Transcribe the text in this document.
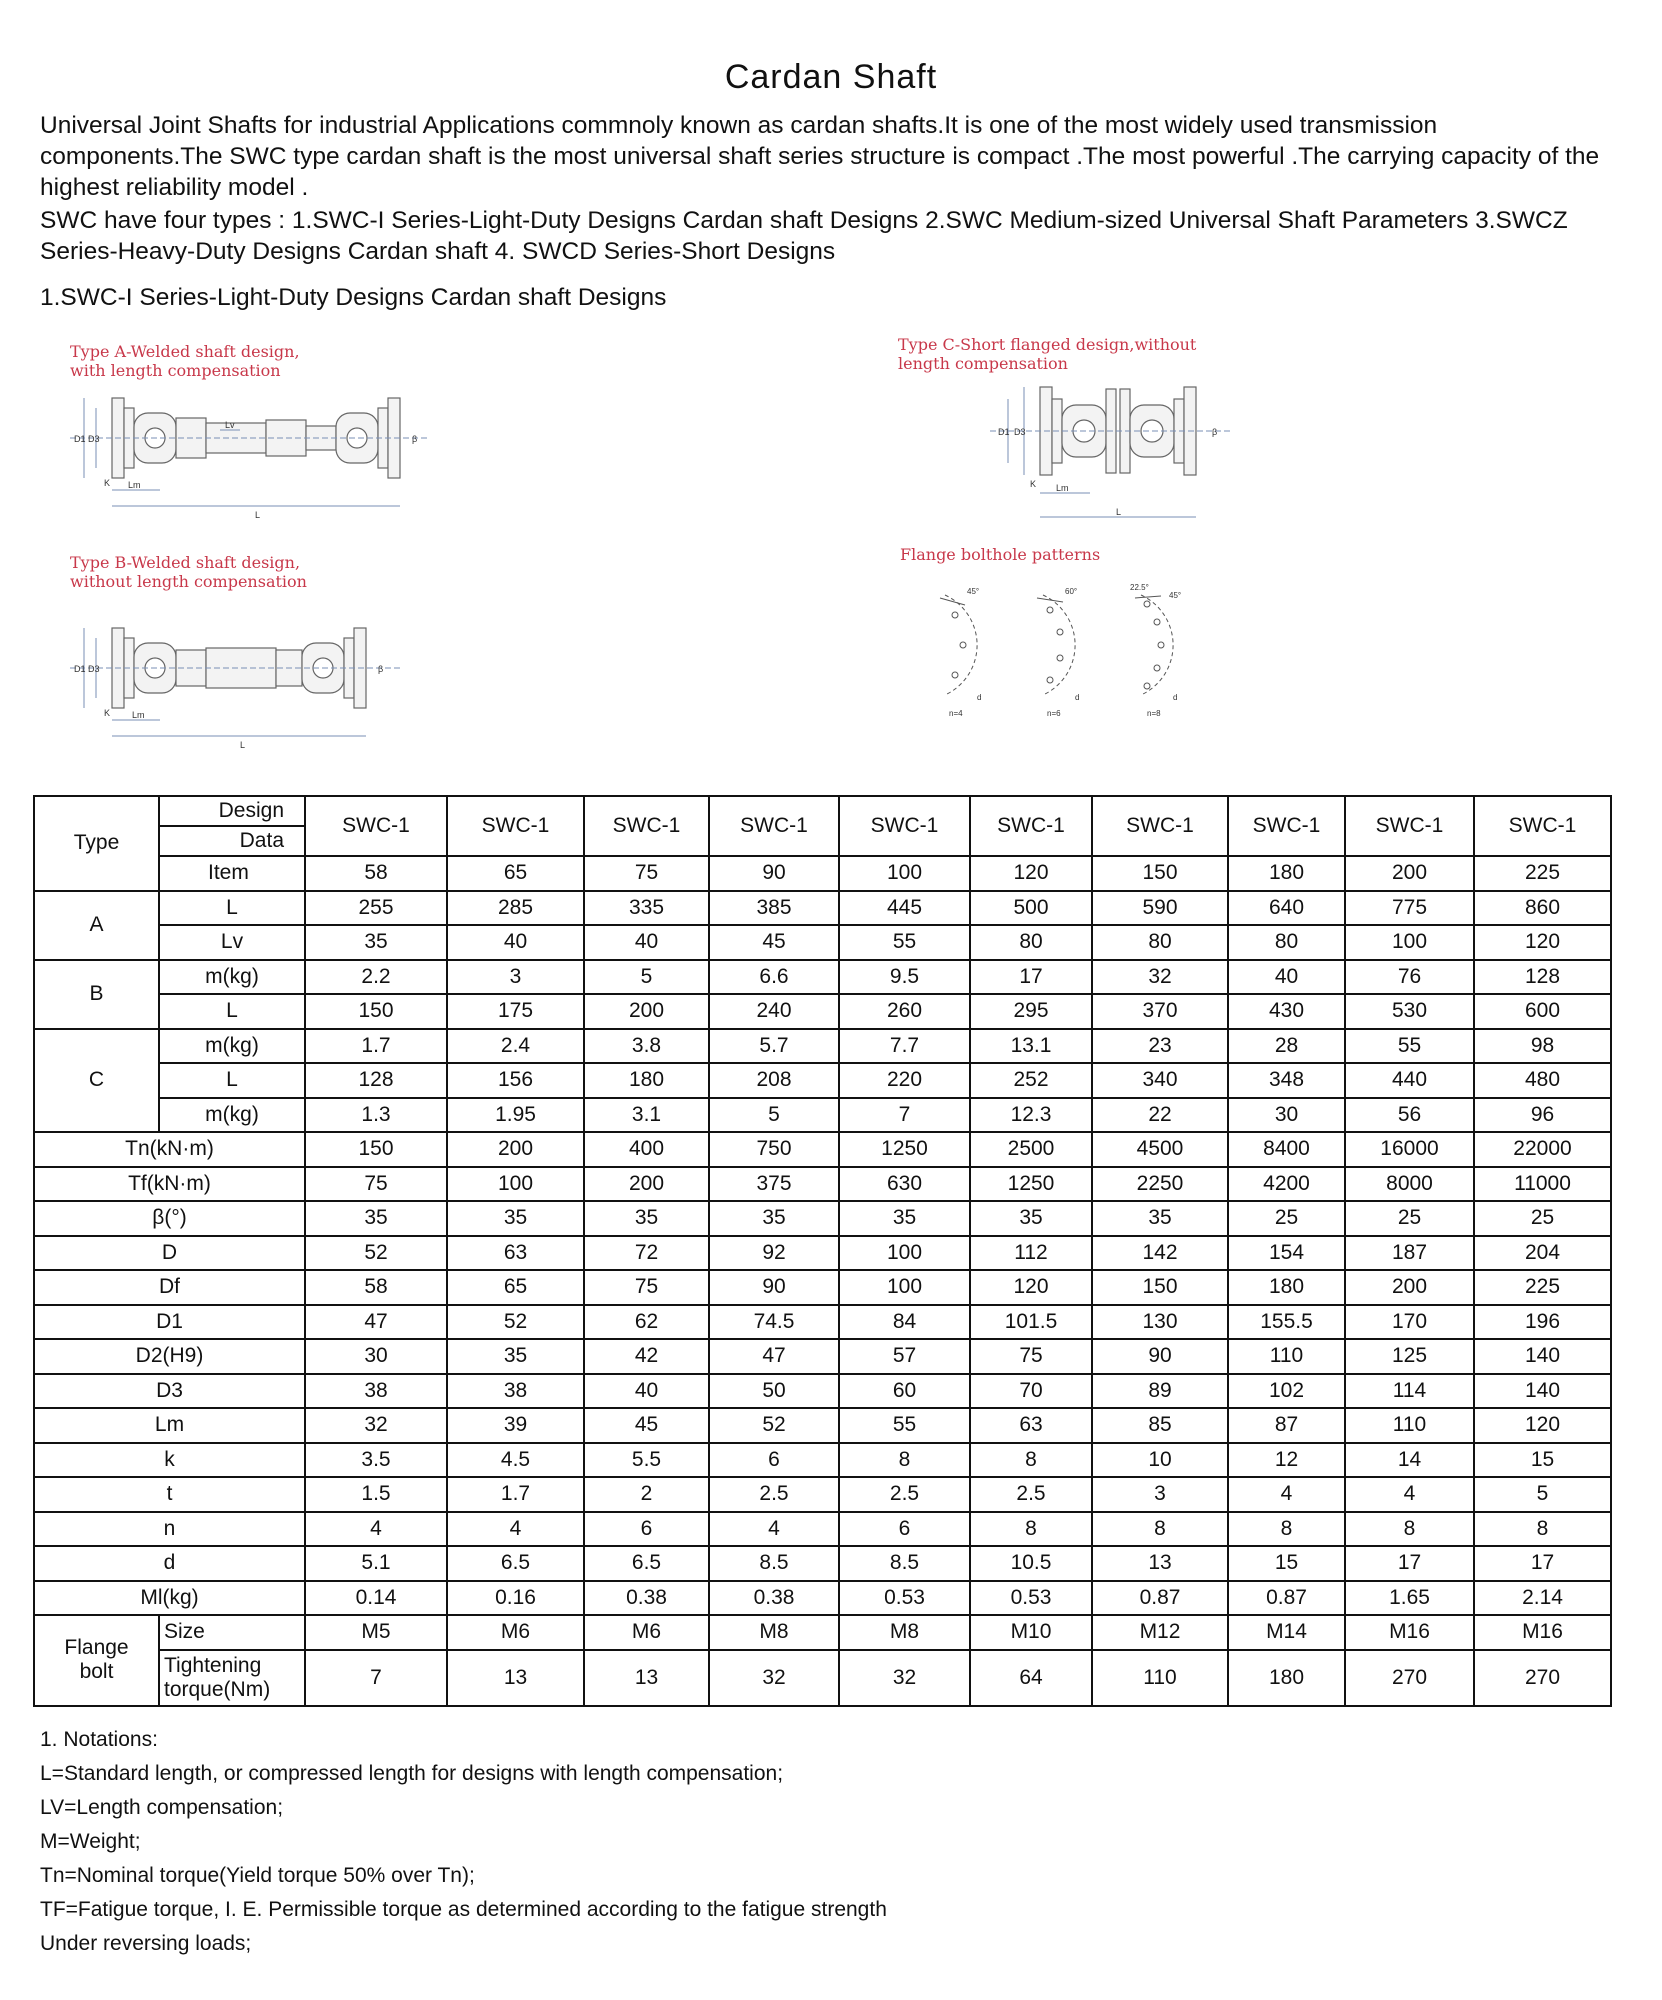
Cardan Shaft
Universal Joint Shafts for industrial Applications commnoly known as cardan shafts.It is one of the most widely used transmission components.The SWC type cardan shaft is the most universal shaft series structure is compact .The most powerful .The carrying capacity of the highest reliability model .
SWC have four types : 1.SWC-I Series-Light-Duty Designs Cardan shaft Designs 2.SWC Medium-sized Universal Shaft Parameters 3.SWCZ Series-Heavy-Duty Designs Cardan shaft 4. SWCD Series-Short Designs
1.SWC-I Series-Light-Duty Designs Cardan shaft Designs
Type A-Welded shaft design,
with length compensation
Type B-Welded shaft design,
without length compensation
Type C-Short flanged design,without
length compensation
Flange bolthole patterns
D1 D3
K Lm
Lv
L
β
D1 D3
K Lm
L
β
D1 D3
K Lm
L
β
45°	60°	22.5°
45°
n=4	n=6	n=8
d	d	d
Type	Design	SWC-1	SWC-1	SWC-1	SWC-1	SWC-1	SWC-1	SWC-1	SWC-1	SWC-1	SWC-1
	Data										
	Item	58	65	75	90	100	120	150	180	200	225
A	L	255	285	335	385	445	500	590	640	775	860
	Lv	35	40	40	45	55	80	80	80	100	120
B	m(kg)	2.2	3	5	6.6	9.5	17	32	40	76	128
	L	150	175	200	240	260	295	370	430	530	600
C	m(kg)	1.7	2.4	3.8	5.7	7.7	13.1	23	28	55	98
	L	128	156	180	208	220	252	340	348	440	480
	m(kg)	1.3	1.95	3.1	5	7	12.3	22	30	56	96
Tn(kN·m)		150	200	400	750	1250	2500	4500	8400	16000	22000
Tf(kN·m)		75	100	200	375	630	1250	2250	4200	8000	11000
β(°)		35	35	35	35	35	35	35	25	25	25
D		52	63	72	92	100	112	142	154	187	204
Df		58	65	75	90	100	120	150	180	200	225
D1		47	52	62	74.5	84	101.5	130	155.5	170	196
D2(H9)		30	35	42	47	57	75	90	110	125	140
D3		38	38	40	50	60	70	89	102	114	140
Lm		32	39	45	52	55	63	85	87	110	120
k		3.5	4.5	5.5	6	8	8	10	12	14	15
t		1.5	1.7	2	2.5	2.5	2.5	3	4	4	5
n		4	4	6	4	6	8	8	8	8	8
d		5.1	6.5	6.5	8.5	8.5	10.5	13	15	17	17
Ml(kg)		0.14	0.16	0.38	0.38	0.53	0.53	0.87	0.87	1.65	2.14

Flange
bolt	Size	M5	M6	M6	M8	M8	M10	M12	M14	M16	M16

	Tightening
torque(Nm)	7	13	13	32	32	64	110	180	270	270
1. Notations:
L=Standard length, or compressed length for designs with length compensation;
LV=Length compensation;
M=Weight;
Tn=Nominal torque(Yield torque 50% over Tn);
TF=Fatigue torque, I. E. Permissible torque as determined according to the fatigue strength
Under reversing loads;
